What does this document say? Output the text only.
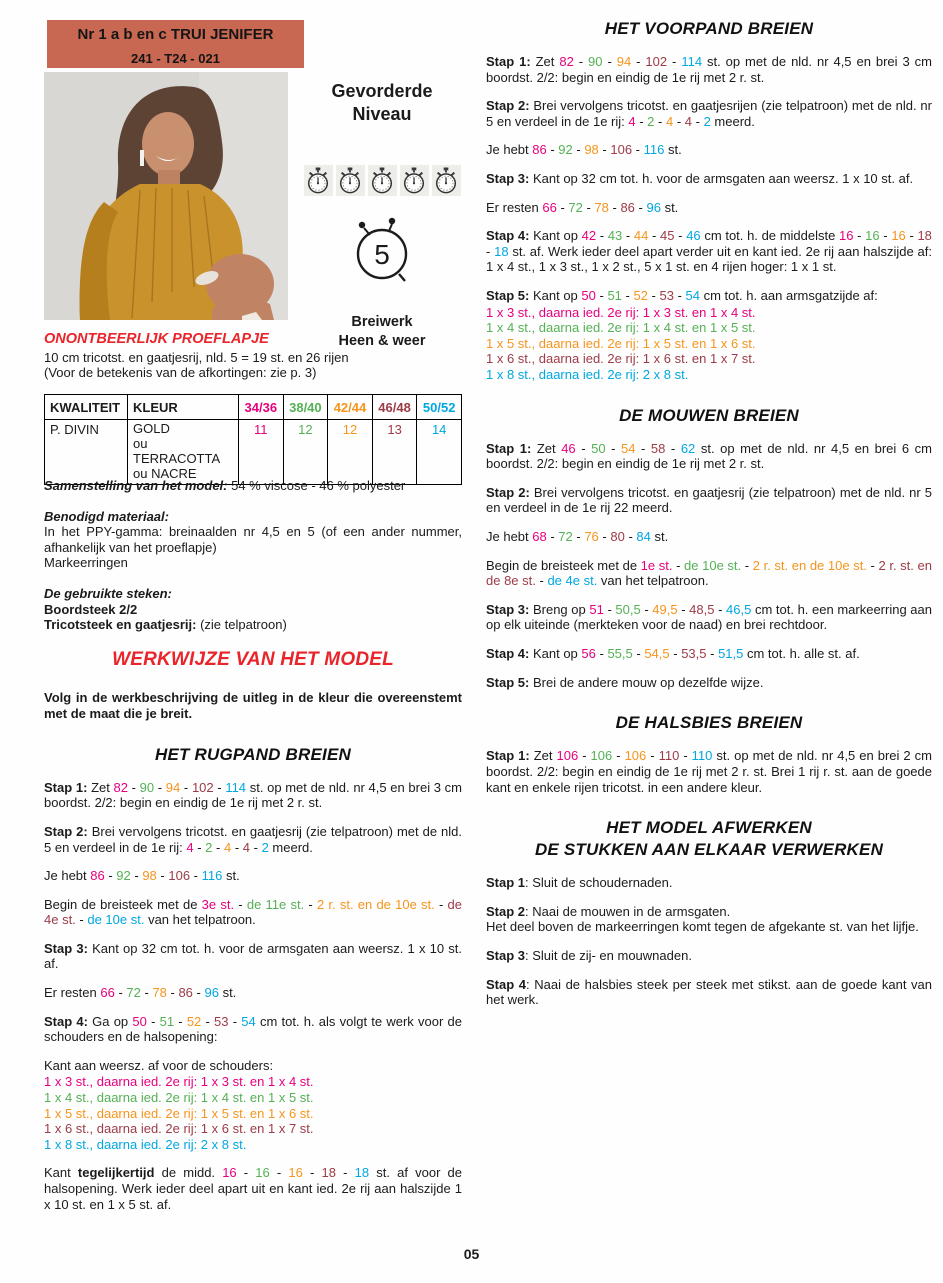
Nr 1 a b en c TRUI JENIFER
241 - T24 - 021
Gevorderde
Niveau
5
Breiwerk
Heen & weer
ONONTBEERLIJK PROEFLAPJE
10 cm tricotst. en gaatjesrij, nld. 5 = 19 st. en 26 rijen
(Voor de betekenis van de afkortingen: zie p. 3)
KWALITEIT	KLEUR	34/36	38/40	42/44	46/48	50/52
P. DIVIN	GOLD
ou TERRACOTTA
ou NACRE	11	12	12	13	14
Samenstelling van het model: 54 % viscose - 46 % polyester
Benodigd materiaal:
In het PPY-gamma: breinaalden nr 4,5 en 5 (of een ander nummer, afhankelijk van het proeflapje)
Markeerringen
De gebruikte steken:
Boordsteek 2/2
Tricotsteek en gaatjesrij: (zie telpatroon)
WERKWIJZE VAN HET MODEL

Volg in de werkbeschrijving de uitleg in de kleur die overeenstemt met de maat die je breit.

HET RUGPAND BREIEN

Stap 1: Zet 82 - 90 - 94 - 102 - 114 st. op met de nld. nr 4,5 en brei 3 cm boordst. 2/2: begin en eindig de 1e rij met 2 r. st.

Stap 2: Brei vervolgens tricotst. en gaatjesrij (zie telpatroon) met de nld. 5 en verdeel in de 1e rij: 4 - 2 - 4 - 4 - 2 meerd.

Je hebt 86 - 92 - 98 - 106 - 116 st.

Begin de breisteek met de 3e st. - de 11e st. - 2 r. st. en de 10e st. - de 4e st. - de 10e st. van het telpatroon.

Stap 3: Kant op 32 cm tot. h. voor de armsgaten aan weersz. 1 x 10 st. af.

Er resten 66 - 72 - 78 - 86 - 96 st.

Stap 4: Ga op 50 - 51 - 52 - 53 - 54 cm tot. h. als volgt te werk voor de schouders en de halsopening:

Kant aan weersz. af voor de schouders:

1 x 3 st., daarna ied. 2e rij: 1 x 3 st. en 1 x 4 st.
1 x 4 st., daarna ied. 2e rij: 1 x 4 st. en 1 x 5 st.
1 x 5 st., daarna ied. 2e rij: 1 x 5 st. en 1 x 6 st.
1 x 6 st., daarna ied. 2e rij: 1 x 6 st. en 1 x 7 st.
1 x 8 st., daarna ied. 2e rij: 2 x 8 st.

Kant tegelijkertijd de midd. 16 - 16 - 16 - 18 - 18 st. af voor de halsopening. Werk ieder deel apart uit en kant ied. 2e rij aan halszijde 1 x 10 st. en 1 x 5 st. af.

HET VOORPAND BREIEN

Stap 1: Zet 82 - 90 - 94 - 102 - 114 st. op met de nld. nr 4,5 en brei 3 cm boordst. 2/2: begin en eindig de 1e rij met 2 r. st.

Stap 2: Brei vervolgens tricotst. en gaatjesrijen (zie telpatroon) met de nld. nr 5 en verdeel in de 1e rij: 4 - 2 - 4 - 4 - 2 meerd.

Je hebt 86 - 92 - 98 - 106 - 116 st.

Stap 3: Kant op 32 cm tot. h. voor de armsgaten aan weersz. 1 x 10 st. af.

Er resten 66 - 72 - 78 - 86 - 96 st.

Stap 4: Kant op 42 - 43 - 44 - 45 - 46 cm tot. h. de middelste 16 - 16 - 16 - 18 - 18 st. af. Werk ieder deel apart verder uit en kant ied. 2e rij aan halszijde af: 1 x 4 st., 1 x 3 st., 1 x 2 st., 5 x 1 st. en 4 rijen hoger: 1 x 1 st.

Stap 5: Kant op 50 - 51 - 52 - 53 - 54 cm tot. h. aan armsgatzijde af:

1 x 3 st., daarna ied. 2e rij: 1 x 3 st. en 1 x 4 st.
1 x 4 st., daarna ied. 2e rij: 1 x 4 st. en 1 x 5 st.
1 x 5 st., daarna ied. 2e rij: 1 x 5 st. en 1 x 6 st.
1 x 6 st., daarna ied. 2e rij: 1 x 6 st. en 1 x 7 st.
1 x 8 st., daarna ied. 2e rij: 2 x 8 st.
DE MOUWEN BREIEN

Stap 1: Zet 46 - 50 - 54 - 58 - 62 st. op met de nld. nr 4,5 en brei 6 cm boordst. 2/2: begin en eindig de 1e rij met 2 r. st.

Stap 2: Brei vervolgens tricotst. en gaatjesrij (zie telpatroon) met de nld. nr 5 en verdeel in de 1e rij 22 meerd.

Je hebt 68 - 72 - 76 - 80 - 84 st.

Begin de breisteek met de 1e st. - de 10e st. - 2 r. st. en de 10e st. - 2 r. st. en de 8e st. - de 4e st. van het telpatroon.

Stap 3: Breng op 51 - 50,5 - 49,5 - 48,5 - 46,5 cm tot. h. een markeerring aan op elk uiteinde (merkteken voor de naad) en brei rechtdoor.

Stap 4: Kant op 56 - 55,5 - 54,5 - 53,5 - 51,5 cm tot. h. alle st. af.

Stap 5: Brei de andere mouw op dezelfde wijze.

DE HALSBIES BREIEN

Stap 1: Zet 106 - 106 - 106 - 110 - 110 st. op met de nld. nr 4,5 en brei 2 cm boordst. 2/2: begin en eindig de 1e rij met 2 r. st. Brei 1 rij r. st. aan de goede kant en enkele rijen tricotst. in een andere kleur.

HET MODEL AFWERKEN
DE STUKKEN AAN ELKAAR VERWERKEN

Stap 1: Sluit de schoudernaden.

Stap 2: Naai de mouwen in de armsgaten.
Het deel boven de markeerringen komt tegen de afgekante st. van het lijfje.

Stap 3: Sluit de zij- en mouwnaden.

Stap 4: Naai de halsbies steek per steek met stikst. aan de goede kant van het werk.

05
